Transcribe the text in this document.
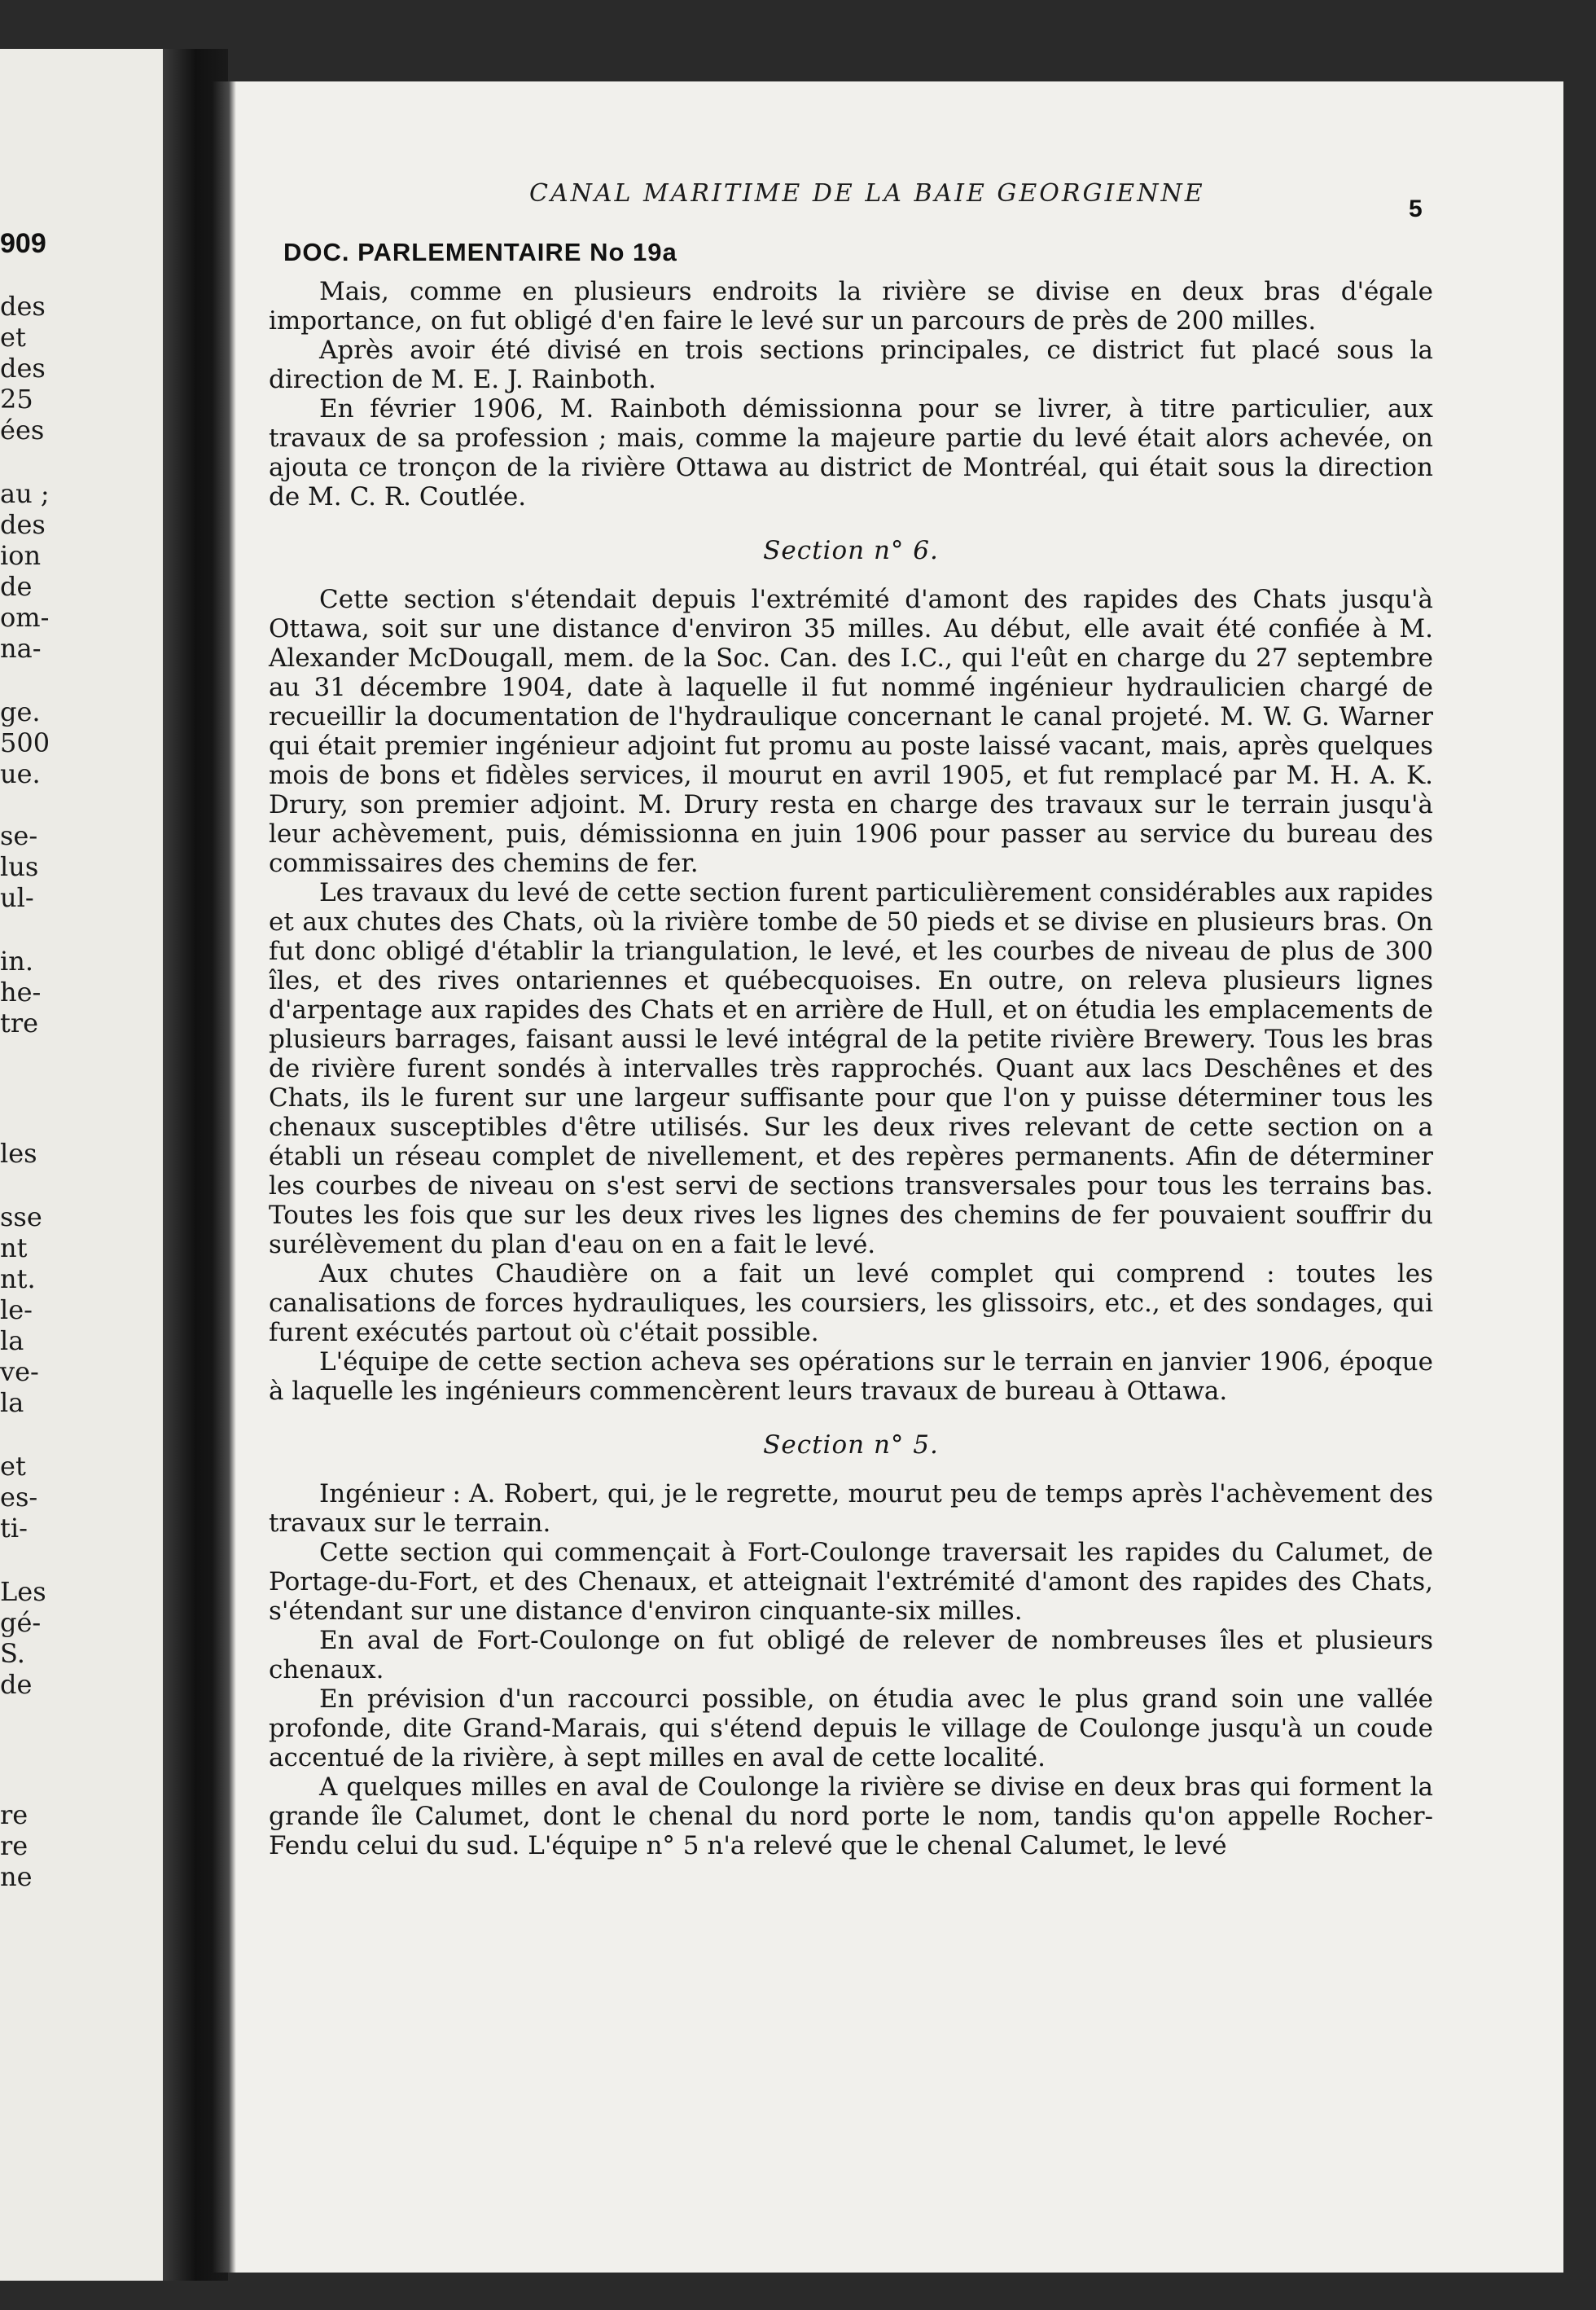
909
des
et
des
25
ées
au ;
des
ion
de
om-
na-
ge.
500
ue.
se-
lus
ul-
in.
he-
tre
les
sse
nt
nt.
le-
la
ve-
la
et
es-
ti-
Les
gé-
S.
de
re
re
ne
CANAL MARITIME DE LA BAIE GEORGIENNE
5
DOC. PARLEMENTAIRE No 19a

Mais, comme en plusieurs endroits la rivière se divise en deux bras d'égale importance, on fut obligé d'en faire le levé sur un parcours de près de 200 milles.

Après avoir été divisé en trois sections principales, ce district fut placé sous la direction de M. E. J. Rainboth.

En février 1906, M. Rainboth démissionna pour se livrer, à titre particulier, aux travaux de sa profession ; mais, comme la majeure partie du levé était alors achevée, on ajouta ce tronçon de la rivière Ottawa au district de Montréal, qui était sous la direction de M. C. R. Coutlée.

Section n° 6.

Cette section s'étendait depuis l'extrémité d'amont des rapides des Chats jusqu'à Ottawa, soit sur une distance d'environ 35 milles. Au début, elle avait été confiée à M. Alexander McDougall, mem. de la Soc. Can. des I.C., qui l'eût en charge du 27 septembre au 31 décembre 1904, date à laquelle il fut nommé ingénieur hydraulicien chargé de recueillir la documentation de l'hydraulique concernant le canal projeté. M. W. G. Warner qui était premier ingénieur adjoint fut promu au poste laissé vacant, mais, après quelques mois de bons et fidèles services, il mourut en avril 1905, et fut remplacé par M. H. A. K. Drury, son premier adjoint. M. Drury resta en charge des travaux sur le terrain jusqu'à leur achèvement, puis, démissionna en juin 1906 pour passer au service du bureau des commissaires des chemins de fer.

Les travaux du levé de cette section furent particulièrement considérables aux rapides et aux chutes des Chats, où la rivière tombe de 50 pieds et se divise en plusieurs bras. On fut donc obligé d'établir la triangulation, le levé, et les courbes de niveau de plus de 300 îles, et des rives ontariennes et québecquoises. En outre, on releva plusieurs lignes d'arpentage aux rapides des Chats et en arrière de Hull, et on étudia les emplacements de plusieurs barrages, faisant aussi le levé intégral de la petite rivière Brewery. Tous les bras de rivière furent sondés à intervalles très rapprochés. Quant aux lacs Deschênes et des Chats, ils le furent sur une largeur suffisante pour que l'on y puisse déterminer tous les chenaux susceptibles d'être utilisés. Sur les deux rives relevant de cette section on a établi un réseau complet de nivellement, et des repères permanents. Afin de déterminer les courbes de niveau on s'est servi de sections transversales pour tous les terrains bas. Toutes les fois que sur les deux rives les lignes des chemins de fer pouvaient souffrir du surélèvement du plan d'eau on en a fait le levé.

Aux chutes Chaudière on a fait un levé complet qui comprend : toutes les canalisations de forces hydrauliques, les coursiers, les glissoirs, etc., et des sondages, qui furent exécutés partout où c'était possible.

L'équipe de cette section acheva ses opérations sur le terrain en janvier 1906, époque à laquelle les ingénieurs commencèrent leurs travaux de bureau à Ottawa.

Section n° 5.

Ingénieur : A. Robert, qui, je le regrette, mourut peu de temps après l'achèvement des travaux sur le terrain.

Cette section qui commençait à Fort-Coulonge traversait les rapides du Calumet, de Portage-du-Fort, et des Chenaux, et atteignait l'extrémité d'amont des rapides des Chats, s'étendant sur une distance d'environ cinquante-six milles.

En aval de Fort-Coulonge on fut obligé de relever de nombreuses îles et plusieurs chenaux.

En prévision d'un raccourci possible, on étudia avec le plus grand soin une vallée profonde, dite Grand-Marais, qui s'étend depuis le village de Coulonge jusqu'à un coude accentué de la rivière, à sept milles en aval de cette localité.

A quelques milles en aval de Coulonge la rivière se divise en deux bras qui forment la grande île Calumet, dont le chenal du nord porte le nom, tandis qu'on appelle Rocher-Fendu celui du sud. L'équipe n° 5 n'a relevé que le chenal Calumet, le levé
